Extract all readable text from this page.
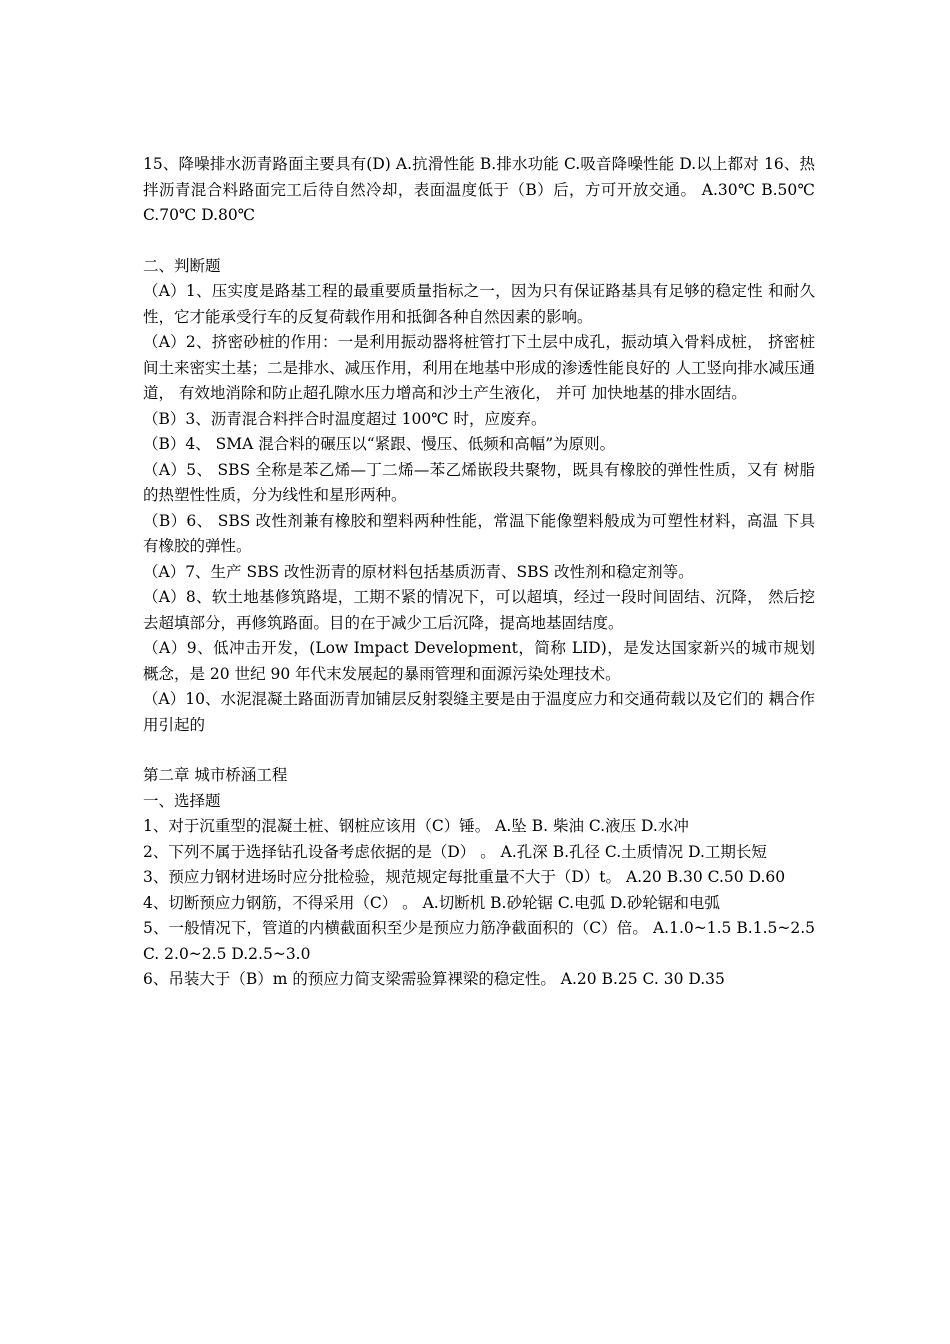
15、降噪排水沥青路面主要具有(D) A.抗滑性能 B.排水功能 C.吸音降噪性能 D.以上都对 16、热拌沥青混合料路面完工后待自然冷却，表面温度低于（B）后，方可开放交通。 A.30℃ B.50℃ C.70℃ D.80℃

二、判断题

（A）1、压实度是路基工程的最重要质量指标之一，因为只有保证路基具有足够的稳定性 和耐久性，它才能承受行车的反复荷载作用和抵御各种自然因素的影响。

（A）2、挤密砂桩的作用：一是利用振动器将桩管打下土层中成孔，振动填入骨料成桩， 挤密桩间土来密实土基；二是排水、减压作用，利用在地基中形成的渗透性能良好的 人工竖向排水减压通道， 有效地消除和防止超孔隙水压力增高和沙土产生液化， 并可 加快地基的排水固结。

（B）3、沥青混合料拌合时温度超过 100℃ 时，应废弃。

（B）4、 SMA 混合料的碾压以“紧跟、慢压、低频和高幅”为原则。

（A）5、 SBS 全称是苯乙烯—丁二烯—苯乙烯嵌段共聚物，既具有橡胶的弹性性质，又有 树脂的热塑性性质，分为线性和星形两种。

（B）6、 SBS 改性剂兼有橡胶和塑料两种性能，常温下能像塑料般成为可塑性材料，高温 下具有橡胶的弹性。

（A）7、生产 SBS 改性沥青的原材料包括基质沥青、SBS 改性剂和稳定剂等。

（A）8、软土地基修筑路堤，工期不紧的情况下，可以超填，经过一段时间固结、沉降， 然后挖去超填部分，再修筑路面。目的在于减少工后沉降，提高地基固结度。

（A）9、低冲击开发，(Low Impact Development，简称 LID)，是发达国家新兴的城市规划 概念，是 20 世纪 90 年代末发展起的暴雨管理和面源污染处理技术。

（A）10、水泥混凝土路面沥青加铺层反射裂缝主要是由于温度应力和交通荷载以及它们的 耦合作用引起的

第二章 城市桥涵工程

一、选择题

1、对于沉重型的混凝土桩、钢桩应该用（C）锤。 A.坠 B. 柴油 C.液压 D.水冲

2、下列不属于选择钻孔设备考虑依据的是（D） 。 A.孔深 B.孔径 C.土质情况 D.工期长短

3、预应力钢材进场时应分批检验，规范规定每批重量不大于（D）t。 A.20 B.30 C.50 D.60

4、切断预应力钢筋，不得采用（C） 。 A.切断机 B.砂轮锯 C.电弧 D.砂轮锯和电弧

5、一般情况下，管道的内横截面积至少是预应力筋净截面积的（C）倍。 A.1.0~1.5 B.1.5~2.5 C. 2.0~2.5 D.2.5~3.0

6、吊装大于（B）m 的预应力简支梁需验算裸梁的稳定性。 A.20 B.25 C. 30 D.35
